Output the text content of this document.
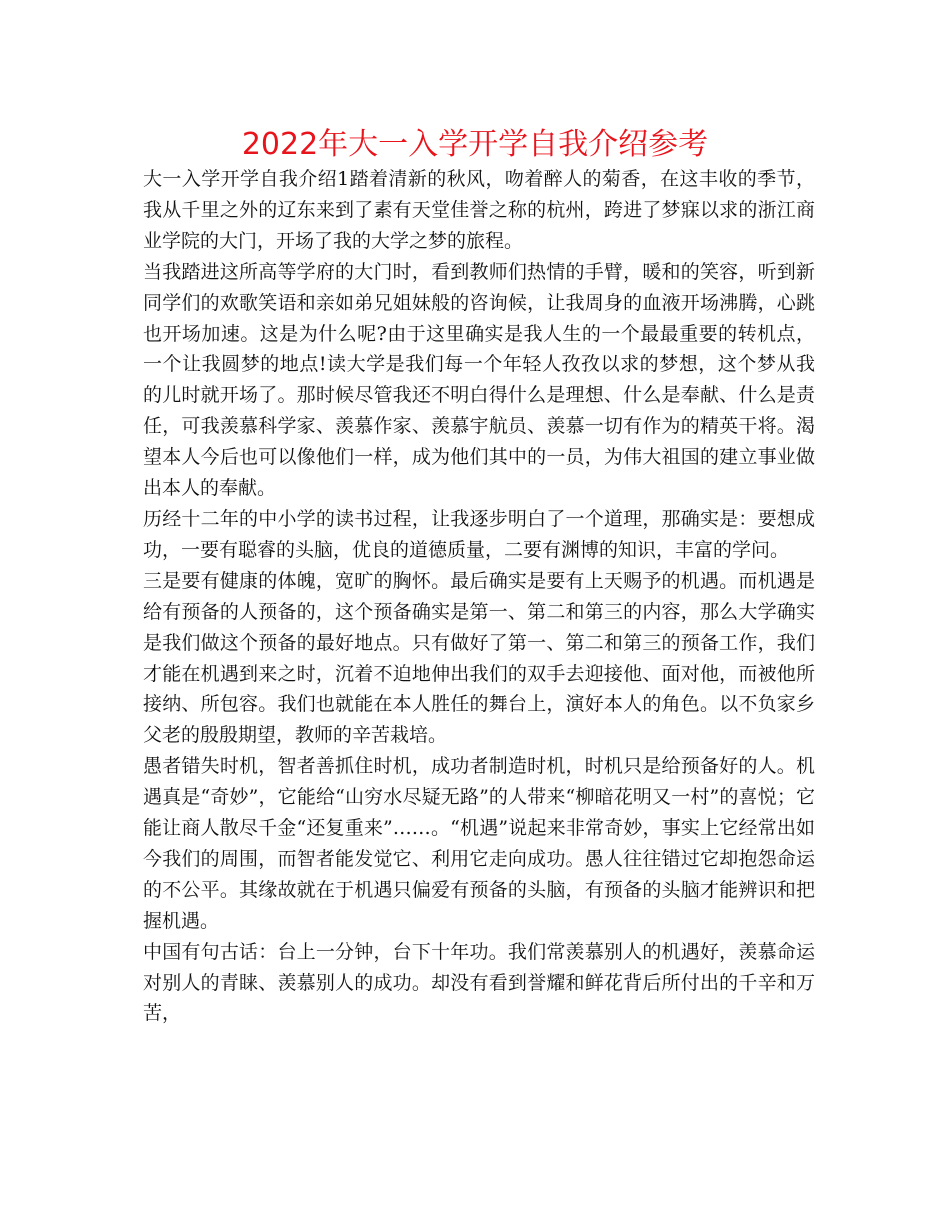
2022年大一入学开学自我介绍参考

大一入学开学自我介绍1踏着清新的秋风，吻着醉人的菊香，在这丰收的季节，我从千里之外的辽东来到了素有天堂佳誉之称的杭州，跨进了梦寐以求的浙江商业学院的大门，开场了我的大学之梦的旅程。

当我踏进这所高等学府的大门时，看到教师们热情的手臂，暖和的笑容，听到新同学们的欢歌笑语和亲如弟兄姐妹般的咨询候，让我周身的血液开场沸腾，心跳也开场加速。这是为什么呢?由于这里确实是我人生的一个最最重要的转机点，一个让我圆梦的地点!读大学是我们每一个年轻人孜孜以求的梦想，这个梦从我的儿时就开场了。那时候尽管我还不明白得什么是理想、什么是奉献、什么是责任，可我羡慕科学家、羡慕作家、羡慕宇航员、羡慕一切有作为的精英干将。渴望本人今后也可以像他们一样，成为他们其中的一员，为伟大祖国的建立事业做出本人的奉献。

历经十二年的中小学的读书过程，让我逐步明白了一个道理，那确实是：要想成功，一要有聪睿的头脑，优良的道德质量，二要有渊博的知识，丰富的学问。

三是要有健康的体魄，宽旷的胸怀。最后确实是要有上天赐予的机遇。而机遇是给有预备的人预备的，这个预备确实是第一、第二和第三的内容，那么大学确实是我们做这个预备的最好地点。只有做好了第一、第二和第三的预备工作，我们才能在机遇到来之时，沉着不迫地伸出我们的双手去迎接他、面对他，而被他所接纳、所包容。我们也就能在本人胜任的舞台上，演好本人的角色。以不负家乡父老的殷殷期望，教师的辛苦栽培。

愚者错失时机，智者善抓住时机，成功者制造时机，时机只是给预备好的人。机遇真是“奇妙”，它能给“山穷水尽疑无路”的人带来“柳暗花明又一村”的喜悦；它能让商人散尽千金“还复重来”……。“机遇”说起来非常奇妙，事实上它经常出如今我们的周围，而智者能发觉它、利用它走向成功。愚人往往错过它却抱怨命运的不公平。其缘故就在于机遇只偏爱有预备的头脑，有预备的头脑才能辨识和把握机遇。

中国有句古话：台上一分钟，台下十年功。我们常羡慕别人的机遇好，羡慕命运对别人的青睐、羡慕别人的成功。却没有看到誉耀和鲜花背后所付出的千辛和万苦，
